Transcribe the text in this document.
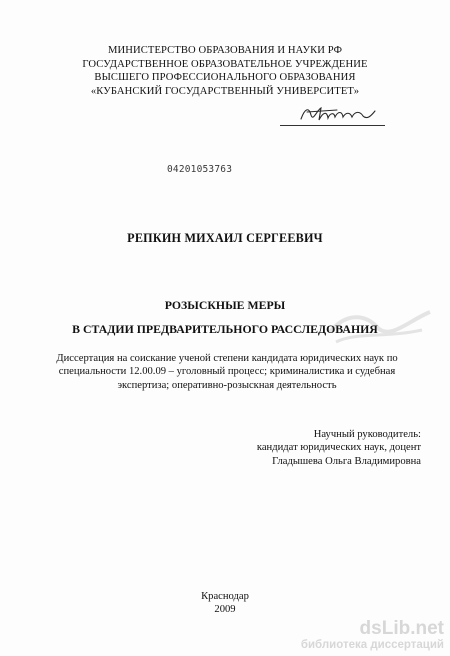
МИНИСТЕРСТВО ОБРАЗОВАНИЯ И НАУКИ РФ
ГОСУДАРСТВЕННОЕ ОБРАЗОВАТЕЛЬНОЕ УЧРЕЖДЕНИЕ
ВЫСШЕГО ПРОФЕССИОНАЛЬНОГО ОБРАЗОВАНИЯ
«КУБАНСКИЙ ГОСУДАРСТВЕННЫЙ УНИВЕРСИТЕТ»
04201053763
РЕПКИН МИХАИЛ СЕРГЕЕВИЧ
РОЗЫСКНЫЕ МЕРЫ
В СТАДИИ ПРЕДВАРИТЕЛЬНОГО РАССЛЕДОВАНИЯ
Диссертация на соискание ученой степени кандидата юридических наук по
специальности 12.00.09 – уголовный процесс; криминалистика и судебная
экспертиза; оперативно-розыскная деятельность
Научный руководитель:
кандидат юридических наук, доцент
Гладышева Ольга Владимировна
Краснодар
2009
dsLib.net
библиотека диссертаций
